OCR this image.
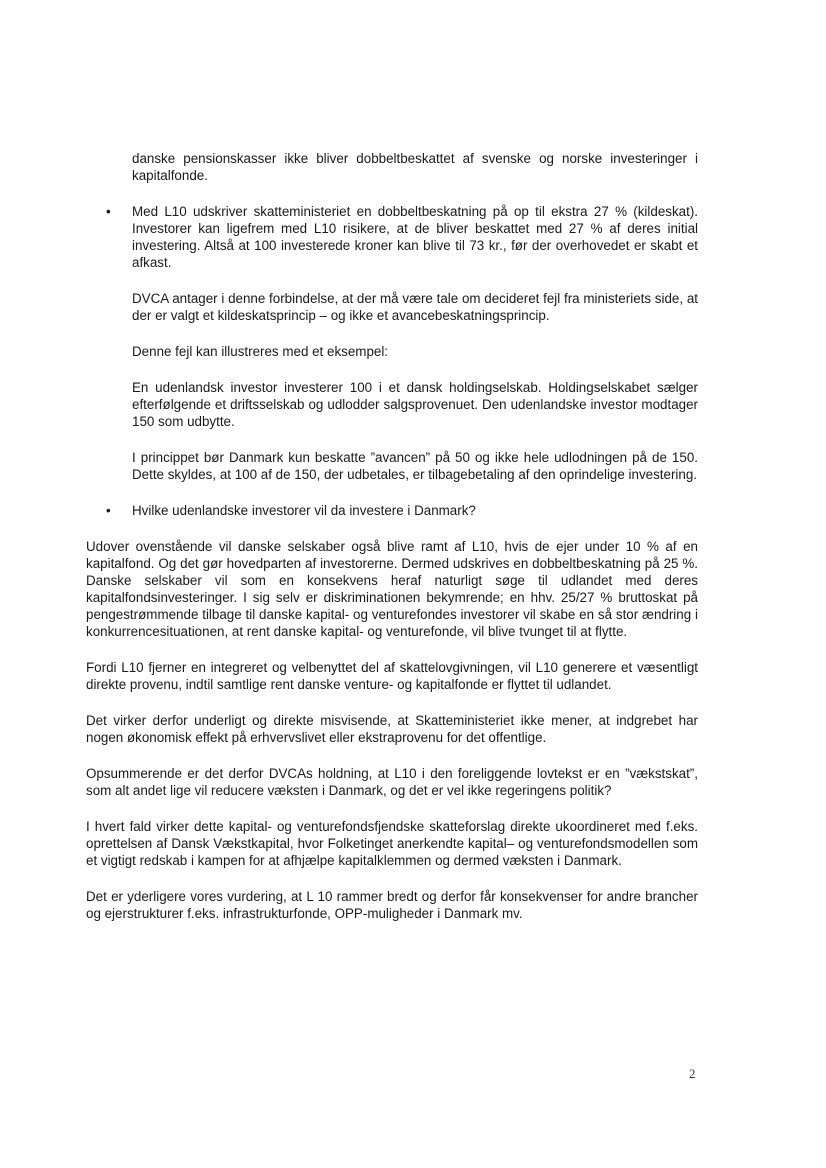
danske pensionskasser ikke bliver dobbeltbeskattet af svenske og norske investeringer i kapitalfonde.

•	Med L10 udskriver skatteministeriet en dobbeltbeskatning på op til ekstra 27 % (kildeskat). Investorer kan ligefrem med L10 risikere, at de bliver beskattet med 27 % af deres initial investering. Altså at 100 investerede kroner kan blive til 73 kr., før der overhovedet er skabt et afkast.

DVCA antager i denne forbindelse, at der må være tale om decideret fejl fra ministeriets side, at der er valgt et kildeskatsprincip – og ikke et avancebeskatningsprincip.

Denne fejl kan illustreres med et eksempel:

En udenlandsk investor investerer 100 i et dansk holdingselskab. Holdingselskabet sælger efterfølgende et driftsselskab og udlodder salgsprovenuet. Den udenlandske investor modtager 150 som udbytte.

I princippet bør Danmark kun beskatte ”avancen” på 50 og ikke hele udlodningen på de 150. Dette skyldes, at 100 af de 150, der udbetales, er tilbagebetaling af den oprindelige investering.

•	Hvilke udenlandske investorer vil da investere i Danmark?

Udover ovenstående vil danske selskaber også blive ramt af L10, hvis de ejer under 10 % af en kapitalfond. Og det gør hovedparten af investorerne. Dermed udskrives en dobbeltbeskatning på 25 %. Danske selskaber vil som en konsekvens heraf naturligt søge til udlandet med deres kapitalfondsinvesteringer. I sig selv er diskriminationen bekymrende; en hhv. 25/27 % bruttoskat på pengestrømmende tilbage til danske kapital- og venturefondes investorer vil skabe en så stor ændring i konkurrencesituationen, at rent danske kapital- og venturefonde, vil blive tvunget til at flytte.

Fordi L10 fjerner en integreret og velbenyttet del af skattelovgivningen, vil L10 generere et væsentligt direkte provenu, indtil samtlige rent danske venture- og kapitalfonde er flyttet til udlandet.

Det virker derfor underligt og direkte misvisende, at Skatteministeriet ikke mener, at indgrebet har nogen økonomisk effekt på erhvervslivet eller ekstraprovenu for det offentlige.

Opsummerende er det derfor DVCAs holdning, at L10 i den foreliggende lovtekst er en ”vækstskat”, som alt andet lige vil reducere væksten i Danmark, og det er vel ikke regeringens politik?

I hvert fald virker dette kapital- og venturefondsfjendske skatteforslag direkte ukoordineret med f.eks. oprettelsen af Dansk Vækstkapital, hvor Folketinget anerkendte kapital– og venturefondsmodellen som et vigtigt redskab i kampen for at afhjælpe kapitalklemmen og dermed væksten i Danmark.

Det er yderligere vores vurdering, at L 10 rammer bredt og derfor får konsekvenser for andre brancher og ejerstrukturer f.eks. infrastrukturfonde, OPP-muligheder i Danmark mv.

2
